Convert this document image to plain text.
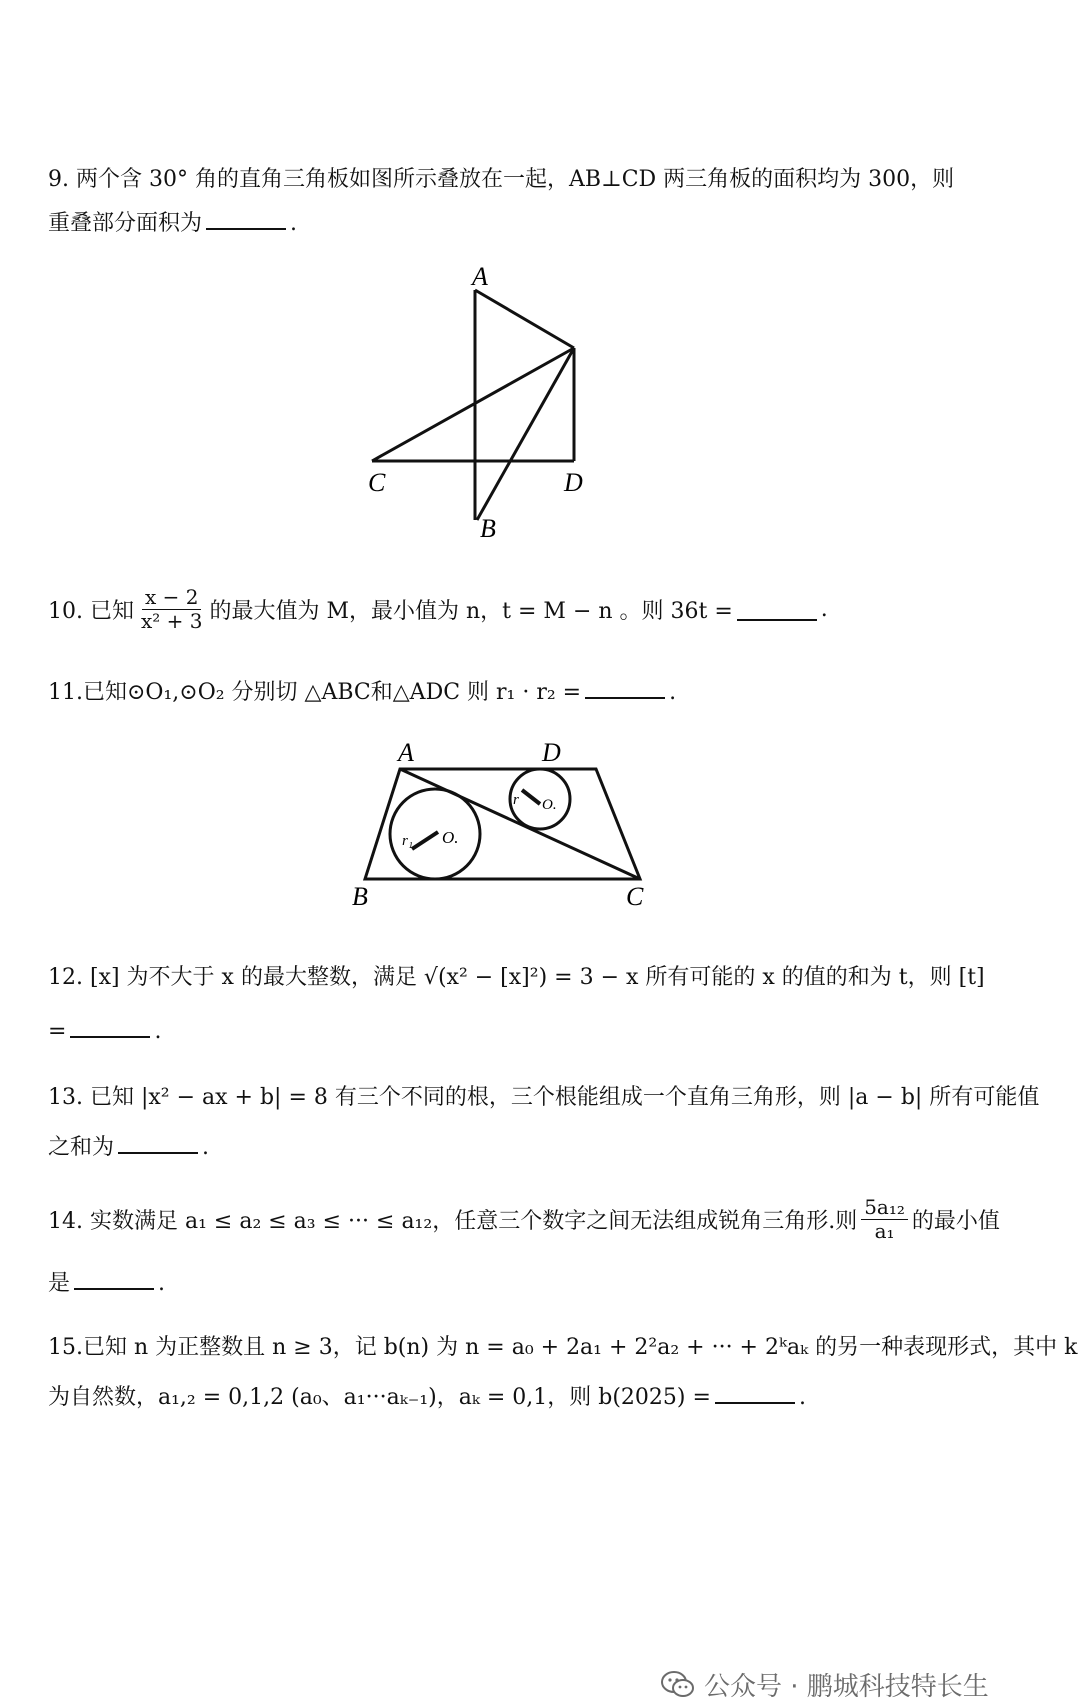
9. 两个含 30° 角的直角三角板如图所示叠放在一起，AB⊥CD 两三角板的面积均为 300，则
重叠部分面积为	.
A
C	D
B
10. 已知 $\frac{x - 2}{\text{x² + 3}}$ 的最大值为 M，最小值为 n，t = M − n 。则 36t =	.
11.已知⊙O₁,⊙O₂ 分别切 △ABC和△ADC 则 r₁ · r₂ =	.
A	D
B	C
r₁ O.
r O.
12. [x] 为不大于 x 的最大整数，满足 √(x² − [x]²) = 3 − x 所有可能的 x 的值的和为 t，则 [t]
=	.
13. 已知 |x² − ax + b| = 8 有三个不同的根，三个根能组成一个直角三角形，则 |a − b| 所有可能值
之和为	.
14. 实数满足 a₁ ≤ a₂ ≤ a₃ ≤ ··· ≤ a₁₂，任意三个数字之间无法组成锐角三角形.则 $\frac{\text{5a₁₂}}{\text{a₁}}$ 的最小值
是	.
15.已知 n 为正整数且 n ≥ 3，记 b(n) 为 n = a₀ + 2a₁ + 2²a₂ + ··· + 2ᵏaₖ 的另一种表现形式，其中 k
为自然数，a₁,₂ = 0,1,2 (a₀、a₁···aₖ₋₁)，aₖ = 0,1，则 b(2025) =	.
公众号 · 鹏城科技特长生
